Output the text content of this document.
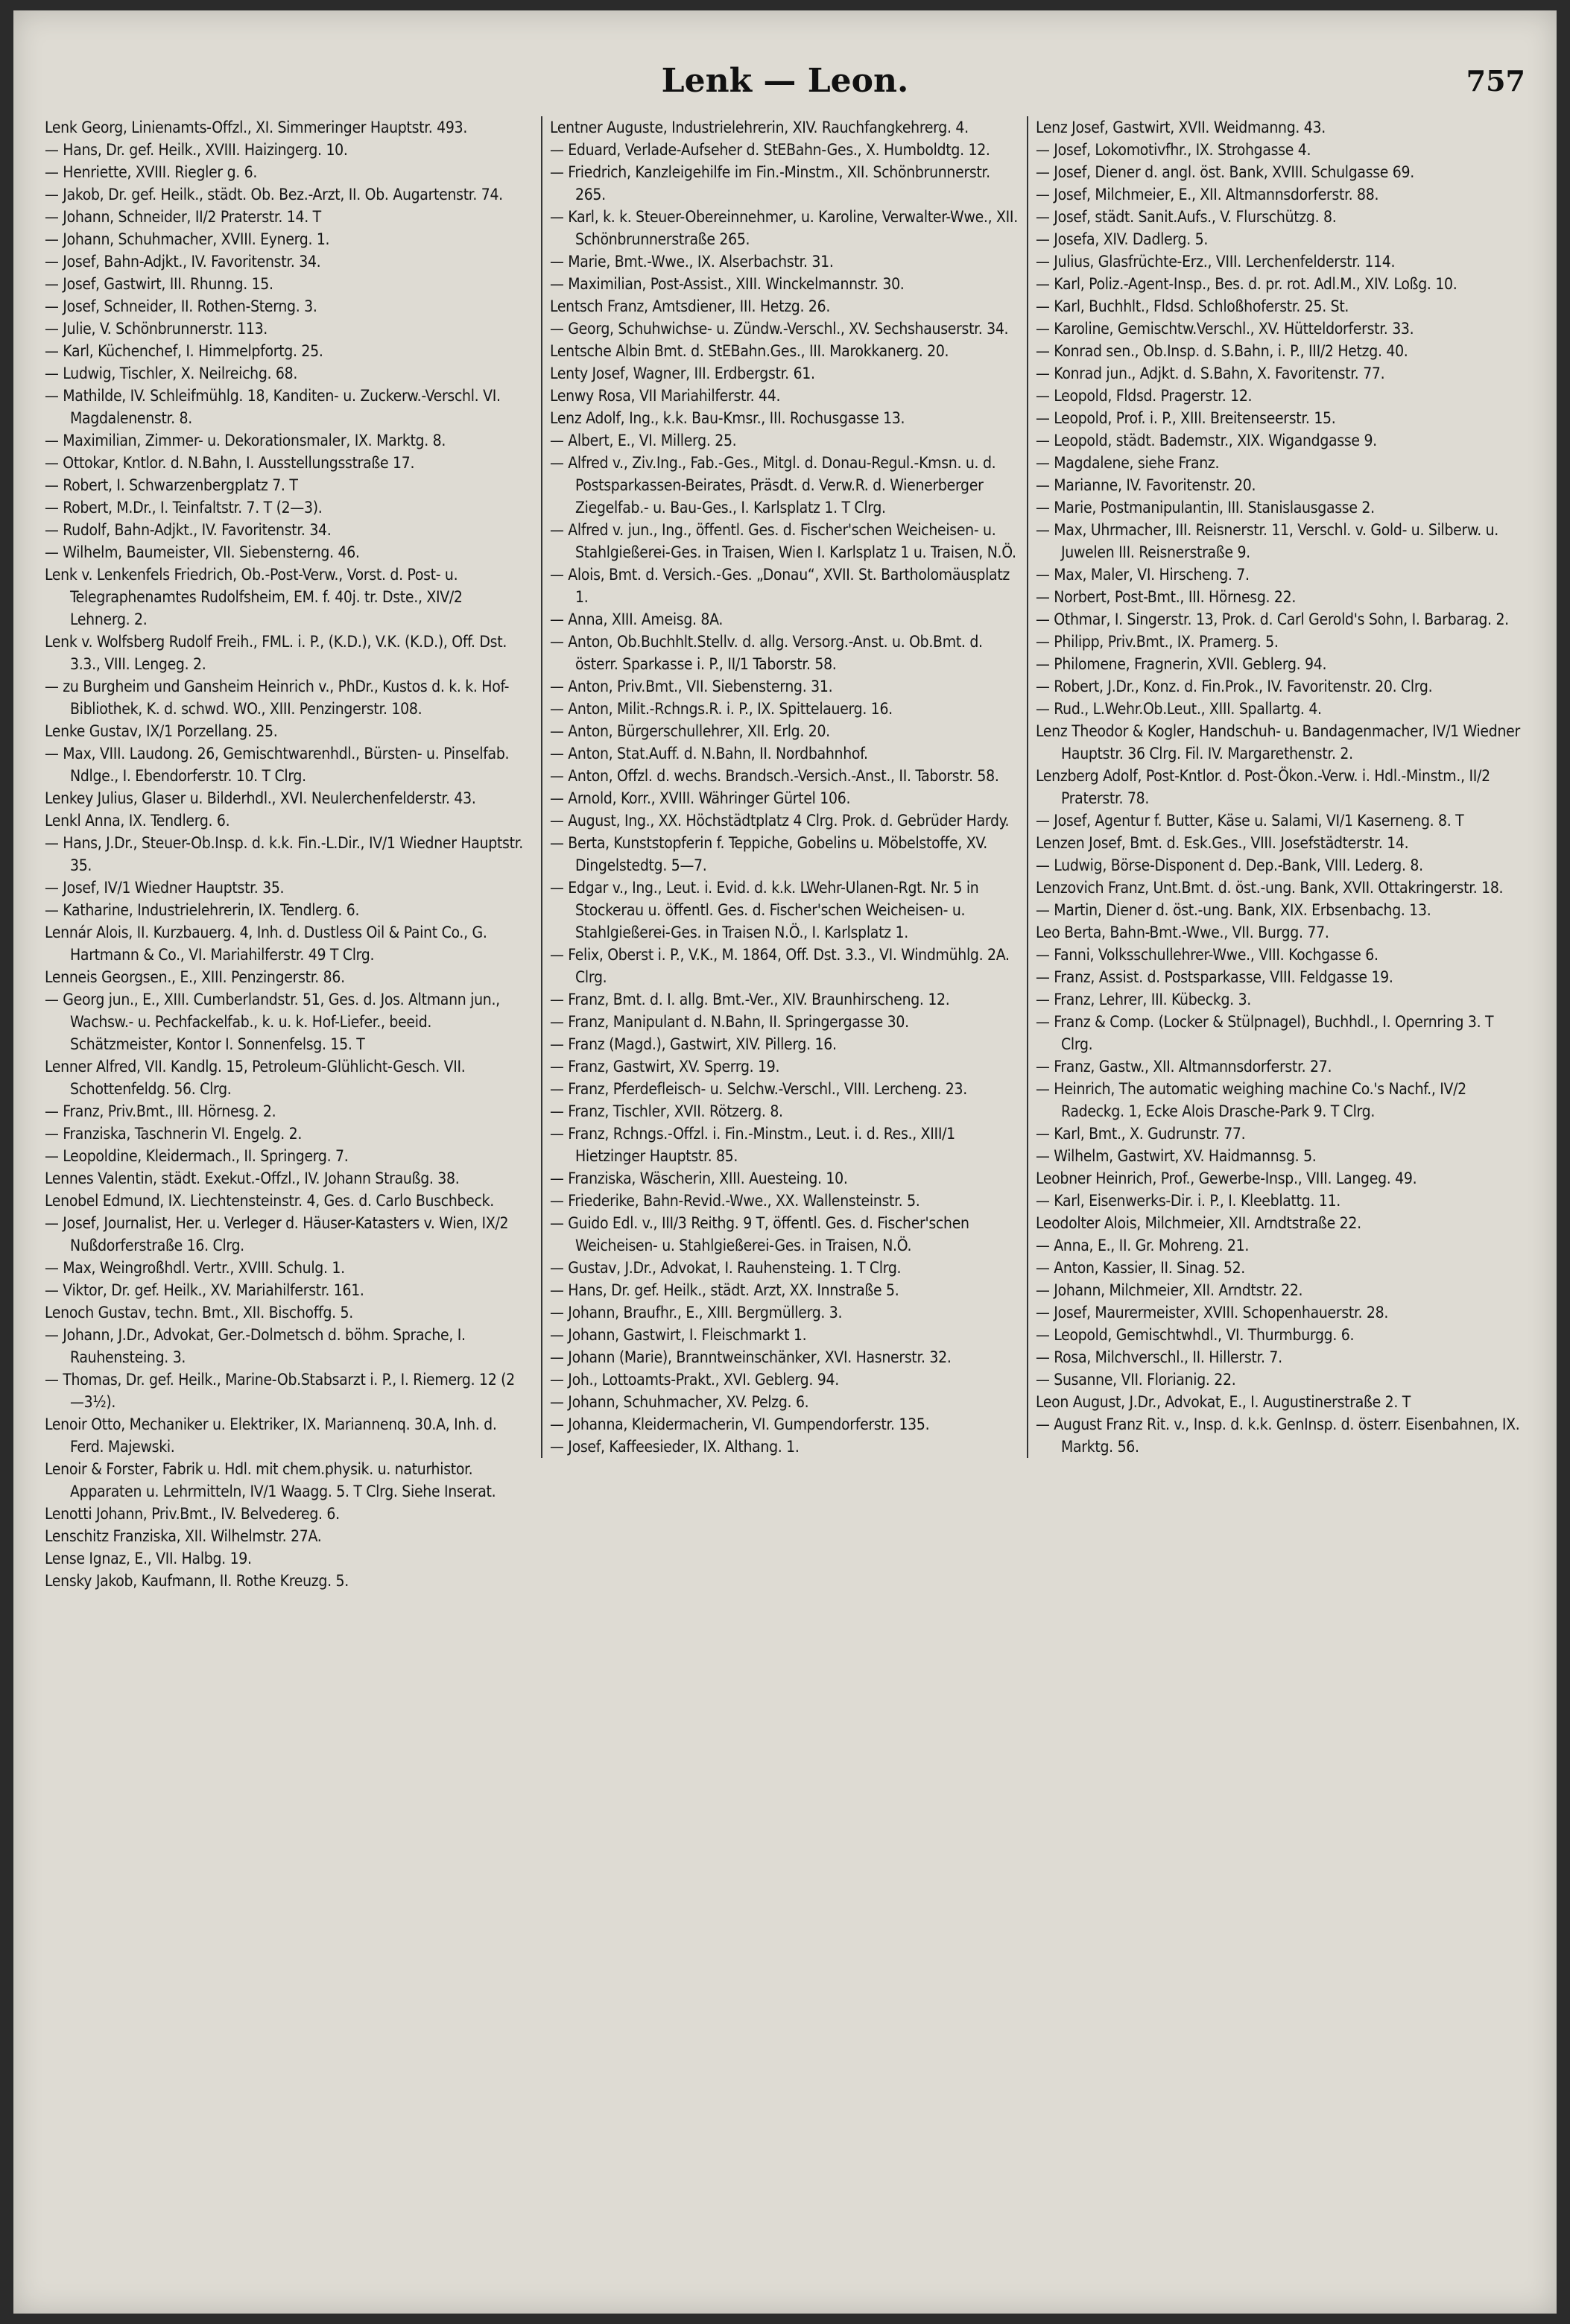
Lenk — Leon.	757

Lenk Georg, Linienamts-Offzl., XI. Simmeringer Hauptstr. 493.

— Hans, Dr. gef. Heilk., XVIII. Haizingerg. 10.

— Henriette, XVIII. Riegler g. 6.

— Jakob, Dr. gef. Heilk., städt. Ob. Bez.-Arzt, II. Ob. Augartenstr. 74.

— Johann, Schneider, II/2 Praterstr. 14. T

— Johann, Schuhmacher, XVIII. Eynerg. 1.

— Josef, Bahn-Adjkt., IV. Favoritenstr. 34.

— Josef, Gastwirt, III. Rhunng. 15.

— Josef, Schneider, II. Rothen-Sterng. 3.

— Julie, V. Schönbrunnerstr. 113.

— Karl, Küchenchef, I. Himmelpfortg. 25.

— Ludwig, Tischler, X. Neilreichg. 68.

— Mathilde, IV. Schleifmühlg. 18, Kanditen- u. Zuckerw.-Verschl. VI. Magdalenenstr. 8.

— Maximilian, Zimmer- u. Dekorationsmaler, IX. Marktg. 8.

— Ottokar, Kntlor. d. N.Bahn, I. Ausstellungsstraße 17.

— Robert, I. Schwarzenbergplatz 7. T

— Robert, M.Dr., I. Teinfaltstr. 7. T (2—3).

— Rudolf, Bahn-Adjkt., IV. Favoritenstr. 34.

— Wilhelm, Baumeister, VII. Siebensterng. 46.

Lenk v. Lenkenfels Friedrich, Ob.-Post-Verw., Vorst. d. Post- u. Telegraphenamtes Rudolfsheim, EM. f. 40j. tr. Dste., XIV/2 Lehnerg. 2.

Lenk v. Wolfsberg Rudolf Freih., FML. i. P., (K.D.), V.K. (K.D.), Off. Dst. 3.3., VIII. Lengeg. 2.

— zu Burgheim und Gansheim Heinrich v., PhDr., Kustos d. k. k. Hof-Bibliothek, K. d. schwd. WO., XIII. Penzingerstr. 108.

Lenke Gustav, IX/1 Porzellang. 25.

— Max, VIII. Laudong. 26, Gemischtwarenhdl., Bürsten- u. Pinselfab. Ndlge., I. Ebendorferstr. 10. T Clrg.

Lenkey Julius, Glaser u. Bilderhdl., XVI. Neulerchenfelderstr. 43.

Lenkl Anna, IX. Tendlerg. 6.

— Hans, J.Dr., Steuer-Ob.Insp. d. k.k. Fin.-L.Dir., IV/1 Wiedner Hauptstr. 35.

— Josef, IV/1 Wiedner Hauptstr. 35.

— Katharine, Industrielehrerin, IX. Tendlerg. 6.

Lennár Alois, II. Kurzbauerg. 4, Inh. d. Dustless Oil & Paint Co., G. Hartmann & Co., VI. Mariahilferstr. 49 T Clrg.

Lenneis Georgsen., E., XIII. Penzingerstr. 86.

— Georg jun., E., XIII. Cumberlandstr. 51, Ges. d. Jos. Altmann jun., Wachsw.- u. Pechfackelfab., k. u. k. Hof-Liefer., beeid. Schätzmeister, Kontor I. Sonnenfelsg. 15. T

Lenner Alfred, VII. Kandlg. 15, Petroleum-Glühlicht-Gesch. VII. Schottenfeldg. 56. Clrg.

— Franz, Priv.Bmt., III. Hörnesg. 2.

— Franziska, Taschnerin VI. Engelg. 2.

— Leopoldine, Kleidermach., II. Springerg. 7.

Lennes Valentin, städt. Exekut.-Offzl., IV. Johann Straußg. 38.

Lenobel Edmund, IX. Liechtensteinstr. 4, Ges. d. Carlo Buschbeck.

— Josef, Journalist, Her. u. Verleger d. Häuser-Katasters v. Wien, IX/2 Nußdorferstraße 16. Clrg.

— Max, Weingroßhdl. Vertr., XVIII. Schulg. 1.

— Viktor, Dr. gef. Heilk., XV. Mariahilferstr. 161.

Lenoch Gustav, techn. Bmt., XII. Bischoffg. 5.

— Johann, J.Dr., Advokat, Ger.-Dolmetsch d. böhm. Sprache, I. Rauhensteing. 3.

— Thomas, Dr. gef. Heilk., Marine-Ob.Stabsarzt i. P., I. Riemerg. 12 (2—3½).

Lenoir Otto, Mechaniker u. Elektriker, IX. Mariannenq. 30.A, Inh. d. Ferd. Majewski.

Lenoir & Forster, Fabrik u. Hdl. mit chem.physik. u. naturhistor. Apparaten u. Lehrmitteln, IV/1 Waagg. 5. T Clrg. Siehe Inserat.

Lenotti Johann, Priv.Bmt., IV. Belvedereg. 6.

Lenschitz Franziska, XII. Wilhelmstr. 27A.

Lense Ignaz, E., VII. Halbg. 19.

Lensky Jakob, Kaufmann, II. Rothe Kreuzg. 5.

Lentner Auguste, Industrielehrerin, XIV. Rauchfangkehrerg. 4.

— Eduard, Verlade-Aufseher d. StEBahn-Ges., X. Humboldtg. 12.

— Friedrich, Kanzleigehilfe im Fin.-Minstm., XII. Schönbrunnerstr. 265.

— Karl, k. k. Steuer-Obereinnehmer, u. Karoline, Verwalter-Wwe., XII. Schönbrunnerstraße 265.

— Marie, Bmt.-Wwe., IX. Alserbachstr. 31.

— Maximilian, Post-Assist., XIII. Winckelmannstr. 30.

Lentsch Franz, Amtsdiener, III. Hetzg. 26.

— Georg, Schuhwichse- u. Zündw.-Verschl., XV. Sechshauserstr. 34.

Lentsche Albin Bmt. d. StEBahn.Ges., III. Marokkanerg. 20.

Lenty Josef, Wagner, III. Erdbergstr. 61.

Lenwy Rosa, VII Mariahilferstr. 44.

Lenz Adolf, Ing., k.k. Bau-Kmsr., III. Rochusgasse 13.

— Albert, E., VI. Millerg. 25.

— Alfred v., Ziv.Ing., Fab.-Ges., Mitgl. d. Donau-Regul.-Kmsn. u. d. Postsparkassen-Beirates, Präsdt. d. Verw.R. d. Wienerberger Ziegelfab.- u. Bau-Ges., I. Karlsplatz 1. T Clrg.

— Alfred v. jun., Ing., öffentl. Ges. d. Fischer'schen Weicheisen- u. Stahlgießerei-Ges. in Traisen, Wien I. Karlsplatz 1 u. Traisen, N.Ö.

— Alois, Bmt. d. Versich.-Ges. „Donau“, XVII. St. Bartholomäusplatz 1.

— Anna, XIII. Ameisg. 8A.

— Anton, Ob.Buchhlt.Stellv. d. allg. Versorg.-Anst. u. Ob.Bmt. d. österr. Sparkasse i. P., II/1 Taborstr. 58.

— Anton, Priv.Bmt., VII. Siebensterng. 31.

— Anton, Milit.-Rchngs.R. i. P., IX. Spittelauerg. 16.

— Anton, Bürgerschullehrer, XII. Erlg. 20.

— Anton, Stat.Auff. d. N.Bahn, II. Nordbahnhof.

— Anton, Offzl. d. wechs. Brandsch.-Versich.-Anst., II. Taborstr. 58.

— Arnold, Korr., XVIII. Währinger Gürtel 106.

— August, Ing., XX. Höchstädtplatz 4 Clrg. Prok. d. Gebrüder Hardy.

— Berta, Kunststopferin f. Teppiche, Gobelins u. Möbelstoffe, XV. Dingelstedtg. 5—7.

— Edgar v., Ing., Leut. i. Evid. d. k.k. LWehr-Ulanen-Rgt. Nr. 5 in Stockerau u. öffentl. Ges. d. Fischer'schen Weicheisen- u. Stahlgießerei-Ges. in Traisen N.Ö., I. Karlsplatz 1.

— Felix, Oberst i. P., V.K., M. 1864, Off. Dst. 3.3., VI. Windmühlg. 2A. Clrg.

— Franz, Bmt. d. I. allg. Bmt.-Ver., XIV. Braunhirscheng. 12.

— Franz, Manipulant d. N.Bahn, II. Springergasse 30.

— Franz (Magd.), Gastwirt, XIV. Pillerg. 16.

— Franz, Gastwirt, XV. Sperrg. 19.

— Franz, Pferdefleisch- u. Selchw.-Verschl., VIII. Lercheng. 23.

— Franz, Tischler, XVII. Rötzerg. 8.

— Franz, Rchngs.-Offzl. i. Fin.-Minstm., Leut. i. d. Res., XIII/1 Hietzinger Hauptstr. 85.

— Franziska, Wäscherin, XIII. Auesteing. 10.

— Friederike, Bahn-Revid.-Wwe., XX. Wallensteinstr. 5.

— Guido Edl. v., III/3 Reithg. 9 T, öffentl. Ges. d. Fischer'schen Weicheisen- u. Stahlgießerei-Ges. in Traisen, N.Ö.

— Gustav, J.Dr., Advokat, I. Rauhensteing. 1. T Clrg.

— Hans, Dr. gef. Heilk., städt. Arzt, XX. Innstraße 5.

— Johann, Braufhr., E., XIII. Bergmüllerg. 3.

— Johann, Gastwirt, I. Fleischmarkt 1.

— Johann (Marie), Branntweinschänker, XVI. Hasnerstr. 32.

— Joh., Lottoamts-Prakt., XVI. Geblerg. 94.

— Johann, Schuhmacher, XV. Pelzg. 6.

— Johanna, Kleidermacherin, VI. Gumpendorferstr. 135.

— Josef, Kaffeesieder, IX. Althang. 1.

Lenz Josef, Gastwirt, XVII. Weidmanng. 43.

— Josef, Lokomotivfhr., IX. Strohgasse 4.

— Josef, Diener d. angl. öst. Bank, XVIII. Schulgasse 69.

— Josef, Milchmeier, E., XII. Altmannsdorferstr. 88.

— Josef, städt. Sanit.Aufs., V. Flurschützg. 8.

— Josefa, XIV. Dadlerg. 5.

— Julius, Glasfrüchte-Erz., VIII. Lerchenfelderstr. 114.

— Karl, Poliz.-Agent-Insp., Bes. d. pr. rot. Adl.M., XIV. Loßg. 10.

— Karl, Buchhlt., Fldsd. Schloßhoferstr. 25. St.

— Karoline, Gemischtw.Verschl., XV. Hütteldorferstr. 33.

— Konrad sen., Ob.Insp. d. S.Bahn, i. P., III/2 Hetzg. 40.

— Konrad jun., Adjkt. d. S.Bahn, X. Favoritenstr. 77.

— Leopold, Fldsd. Pragerstr. 12.

— Leopold, Prof. i. P., XIII. Breitenseerstr. 15.

— Leopold, städt. Bademstr., XIX. Wigandgasse 9.

— Magdalene, siehe Franz.

— Marianne, IV. Favoritenstr. 20.

— Marie, Postmanipulantin, III. Stanislausgasse 2.

— Max, Uhrmacher, III. Reisnerstr. 11, Verschl. v. Gold- u. Silberw. u. Juwelen III. Reisnerstraße 9.

— Max, Maler, VI. Hirscheng. 7.

— Norbert, Post-Bmt., III. Hörnesg. 22.

— Othmar, I. Singerstr. 13, Prok. d. Carl Gerold's Sohn, I. Barbarag. 2.

— Philipp, Priv.Bmt., IX. Pramerg. 5.

— Philomene, Fragnerin, XVII. Geblerg. 94.

— Robert, J.Dr., Konz. d. Fin.Prok., IV. Favoritenstr. 20. Clrg.

— Rud., L.Wehr.Ob.Leut., XIII. Spallartg. 4.

Lenz Theodor & Kogler, Handschuh- u. Bandagenmacher, IV/1 Wiedner Hauptstr. 36 Clrg. Fil. IV. Margarethenstr. 2.

Lenzberg Adolf, Post-Kntlor. d. Post-Ökon.-Verw. i. Hdl.-Minstm., II/2 Praterstr. 78.

— Josef, Agentur f. Butter, Käse u. Salami, VI/1 Kaserneng. 8. T

Lenzen Josef, Bmt. d. Esk.Ges., VIII. Josefstädterstr. 14.

— Ludwig, Börse-Disponent d. Dep.-Bank, VIII. Lederg. 8.

Lenzovich Franz, Unt.Bmt. d. öst.-ung. Bank, XVII. Ottakringerstr. 18.

— Martin, Diener d. öst.-ung. Bank, XIX. Erbsenbachg. 13.

Leo Berta, Bahn-Bmt.-Wwe., VII. Burgg. 77.

— Fanni, Volksschullehrer-Wwe., VIII. Kochgasse 6.

— Franz, Assist. d. Postsparkasse, VIII. Feldgasse 19.

— Franz, Lehrer, III. Kübeckg. 3.

— Franz & Comp. (Locker & Stülpnagel), Buchhdl., I. Opernring 3. T Clrg.

— Franz, Gastw., XII. Altmannsdorferstr. 27.

— Heinrich, The automatic weighing machine Co.'s Nachf., IV/2 Radeckg. 1, Ecke Alois Drasche-Park 9. T Clrg.

— Karl, Bmt., X. Gudrunstr. 77.

— Wilhelm, Gastwirt, XV. Haidmannsg. 5.

Leobner Heinrich, Prof., Gewerbe-Insp., VIII. Langeg. 49.

— Karl, Eisenwerks-Dir. i. P., I. Kleeblattg. 11.

Leodolter Alois, Milchmeier, XII. Arndtstraße 22.

— Anna, E., II. Gr. Mohreng. 21.

— Anton, Kassier, II. Sinag. 52.

— Johann, Milchmeier, XII. Arndtstr. 22.

— Josef, Maurermeister, XVIII. Schopenhauerstr. 28.

— Leopold, Gemischtwhdl., VI. Thurmburgg. 6.

— Rosa, Milchverschl., II. Hillerstr. 7.

— Susanne, VII. Florianig. 22.

Leon August, J.Dr., Advokat, E., I. Augustinerstraße 2. T

— August Franz Rit. v., Insp. d. k.k. GenInsp. d. österr. Eisenbahnen, IX. Marktg. 56.
